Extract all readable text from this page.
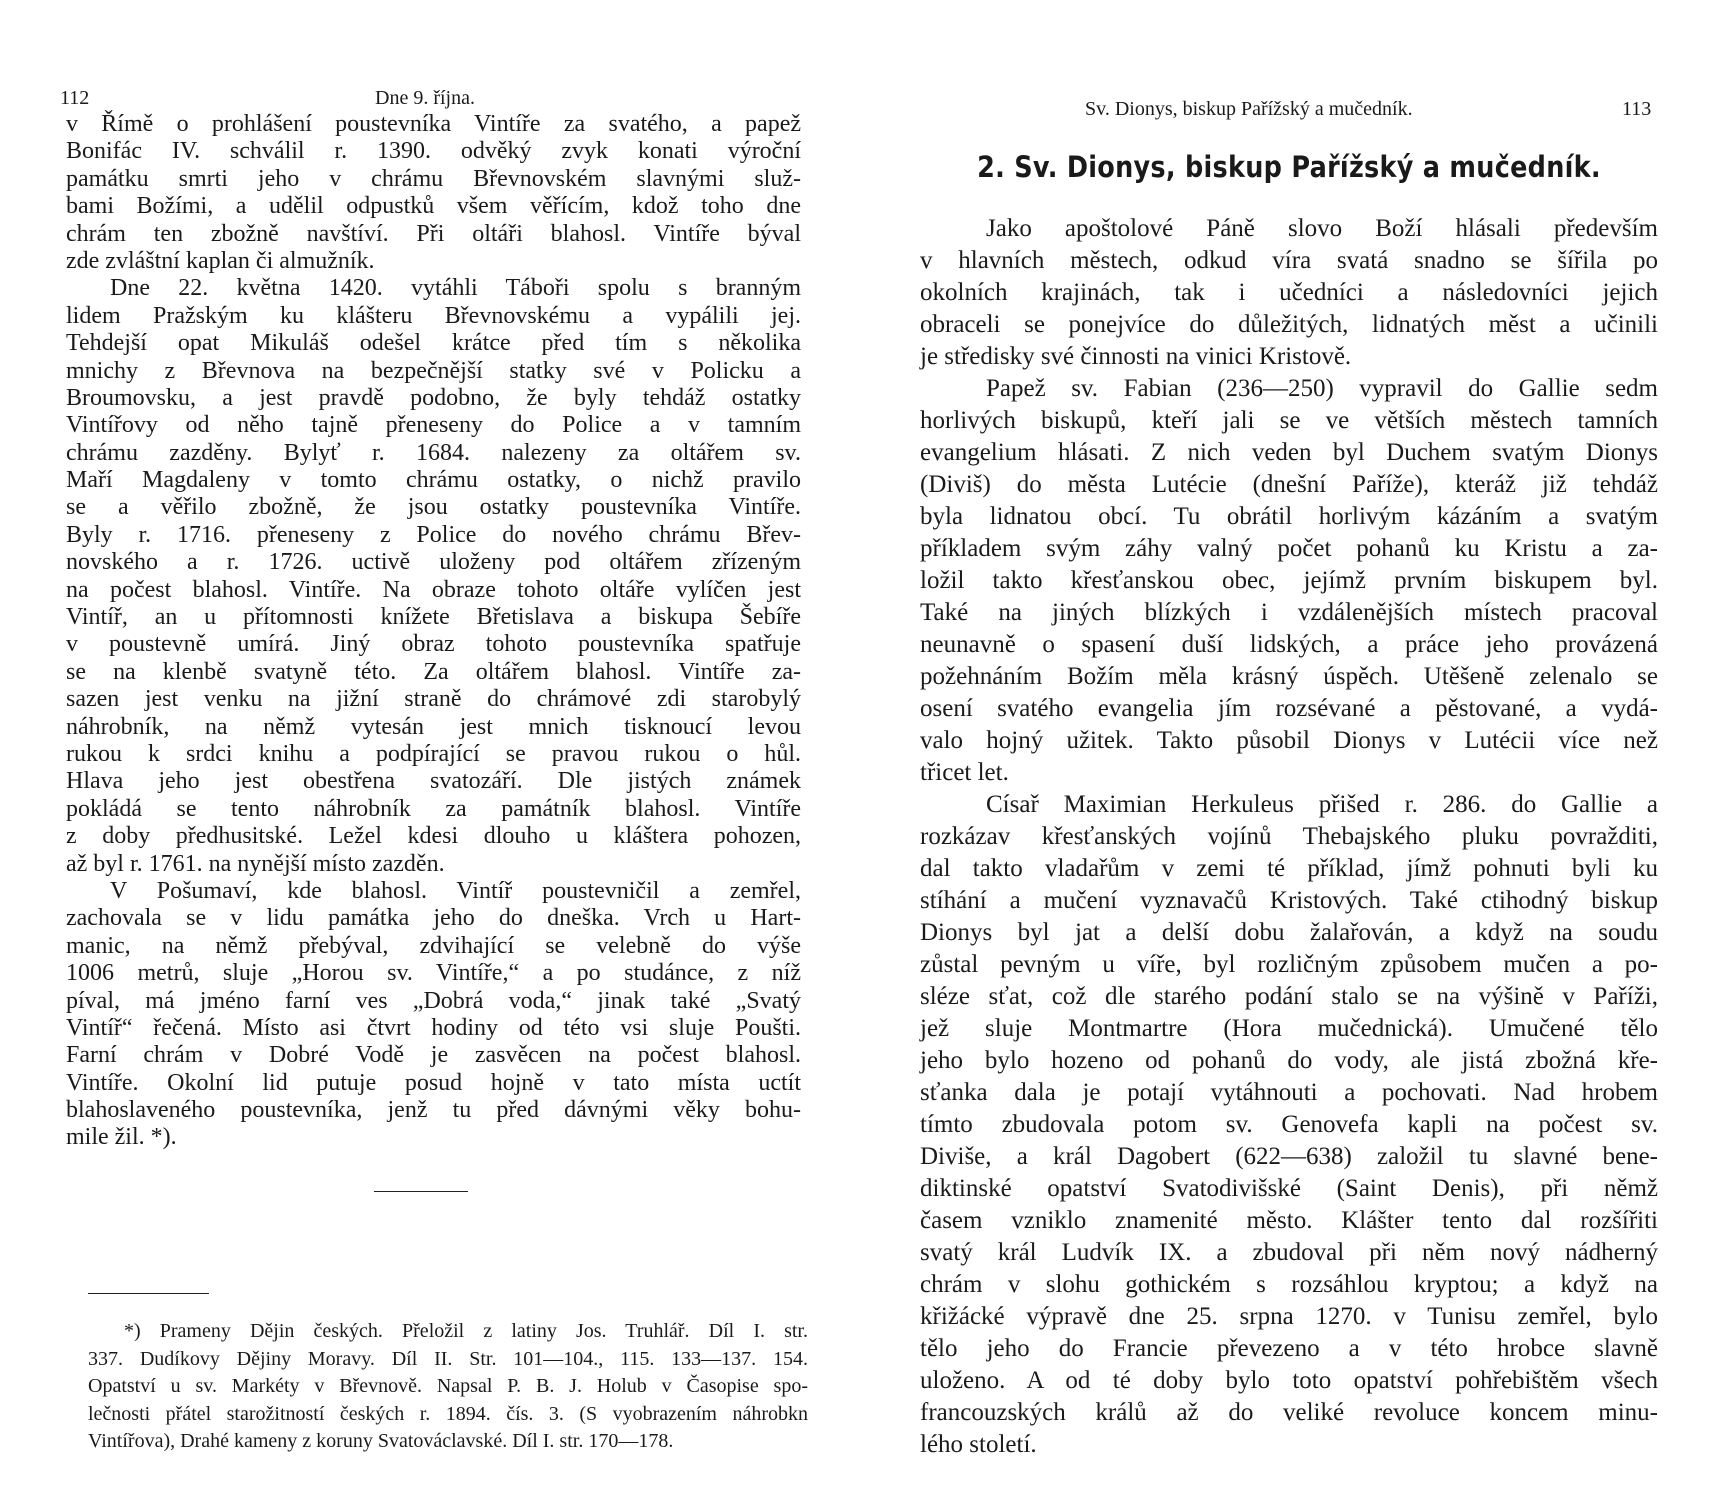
112	Dne 9. října.
v Římě o prohlášení poustevníka Vintíře za svatého, a papež
Bonifác IV. schválil r. 1390. odvěký zvyk konati výroční
památku smrti jeho v chrámu Břevnovském slavnými služ-
bami Božími, a udělil odpustků všem věřícím, kdož toho dne
chrám ten zbožně navštíví. Při oltáři blahosl. Vintíře býval
zde zvláštní kaplan či almužník.
Dne 22. května 1420. vytáhli Táboři spolu s branným
lidem Pražským ku klášteru Břevnovskému a vypálili jej.
Tehdejší opat Mikuláš odešel krátce před tím s několika
mnichy z Břevnova na bezpečnější statky své v Policku a
Broumovsku, a jest pravdě podobno, že byly tehdáž ostatky
Vintířovy od něho tajně přeneseny do Police a v tamním
chrámu zazděny. Bylyť r. 1684. nalezeny za oltářem sv.
Maří Magdaleny v tomto chrámu ostatky, o nichž pravilo
se a věřilo zbožně, že jsou ostatky poustevníka Vintíře.
Byly r. 1716. přeneseny z Police do nového chrámu Břev-
novského a r. 1726. uctivě uloženy pod oltářem zřízeným
na počest blahosl. Vintíře. Na obraze tohoto oltáře vylíčen jest
Vintíř, an u přítomnosti knížete Břetislava a biskupa Šebíře
v poustevně umírá. Jiný obraz tohoto poustevníka spatřuje
se na klenbě svatyně této. Za oltářem blahosl. Vintíře za-
sazen jest venku na jižní straně do chrámové zdi starobylý
náhrobník, na němž vytesán jest mnich tisknoucí levou
rukou k srdci knihu a podpírající se pravou rukou o hůl.
Hlava jeho jest obestřena svatozáří. Dle jistých známek
pokládá se tento náhrobník za památník blahosl. Vintíře
z doby předhusitské. Ležel kdesi dlouho u kláštera pohozen,
až byl r. 1761. na nynější místo zazděn.
V Pošumaví, kde blahosl. Vintíř poustevničil a zemřel,
zachovala se v lidu památka jeho do dneška. Vrch u Hart-
manic, na němž přebýval, zdvihající se velebně do výše
1006 metrů, sluje „Horou sv. Vintíře,“ a po studánce, z níž
píval, má jméno farní ves „Dobrá voda,“ jinak také „Svatý
Vintíř“ řečená. Místo asi čtvrt hodiny od této vsi sluje Poušti.
Farní chrám v Dobré Vodě je zasvěcen na počest blahosl.
Vintíře. Okolní lid putuje posud hojně v tato místa uctít
blahoslaveného poustevníka, jenž tu před dávnými věky bohu-
mile žil. *).
*) Prameny Dějin českých. Přeložil z latiny Jos. Truhlář. Díl I. str.
337. Dudíkovy Dějiny Moravy. Díl II. Str. 101—104., 115. 133—137. 154.
Opatství u sv. Markéty v Břevnově. Napsal P. B. J. Holub v Časopise spo-
lečnosti přátel starožitností českých r. 1894. čís. 3. (S vyobrazením náhrobkn
Vintířova), Drahé kameny z koruny Svatováclavské. Díl I. str. 170—178.
Sv. Dionys, biskup Pařížský a mučedník.	113
2. Sv. Dionys, biskup Pařížský a mučedník.
Jako apoštolové Páně slovo Boží hlásali především
v hlavních městech, odkud víra svatá snadno se šířila po
okolních krajinách, tak i učedníci a následovníci jejich
obraceli se ponejvíce do důležitých, lidnatých měst a učinili
je středisky své činnosti na vinici Kristově.
Papež sv. Fabian (236—250) vypravil do Gallie sedm
horlivých biskupů, kteří jali se ve větších městech tamních
evangelium hlásati. Z nich veden byl Duchem svatým Dionys
(Diviš) do města Lutécie (dnešní Paříže), kteráž již tehdáž
byla lidnatou obcí. Tu obrátil horlivým kázáním a svatým
příkladem svým záhy valný počet pohanů ku Kristu a za-
ložil takto křesťanskou obec, jejímž prvním biskupem byl.
Také na jiných blízkých i vzdálenějších místech pracoval
neunavně o spasení duší lidských, a práce jeho provázená
požehnáním Božím měla krásný úspěch. Utěšeně zelenalo se
osení svatého evangelia jím rozsévané a pěstované, a vydá-
valo hojný užitek. Takto působil Dionys v Lutécii více než
třicet let.
Císař Maximian Herkuleus přišed r. 286. do Gallie a
rozkázav křesťanských vojínů Thebajského pluku povražditi,
dal takto vladařům v zemi té příklad, jímž pohnuti byli ku
stíhání a mučení vyznavačů Kristových. Také ctihodný biskup
Dionys byl jat a delší dobu žalařován, a když na soudu
zůstal pevným u víře, byl rozličným způsobem mučen a po-
sléze sťat, což dle starého podání stalo se na výšině v Paříži,
jež sluje Montmartre (Hora mučednická). Umučené tělo
jeho bylo hozeno od pohanů do vody, ale jistá zbožná kře-
sťanka dala je potají vytáhnouti a pochovati. Nad hrobem
tímto zbudovala potom sv. Genovefa kapli na počest sv.
Diviše, a král Dagobert (622—638) založil tu slavné bene-
diktinské opatství Svatodivišské (Saint Denis), při němž
časem vzniklo znamenité město. Klášter tento dal rozšířiti
svatý král Ludvík IX. a zbudoval při něm nový nádherný
chrám v slohu gothickém s rozsáhlou kryptou; a když na
křižácké výpravě dne 25. srpna 1270. v Tunisu zemřel, bylo
tělo jeho do Francie převezeno a v této hrobce slavně
uloženo. A od té doby bylo toto opatství pohřebištěm všech
francouzských králů až do veliké revoluce koncem minu-
lého století.
